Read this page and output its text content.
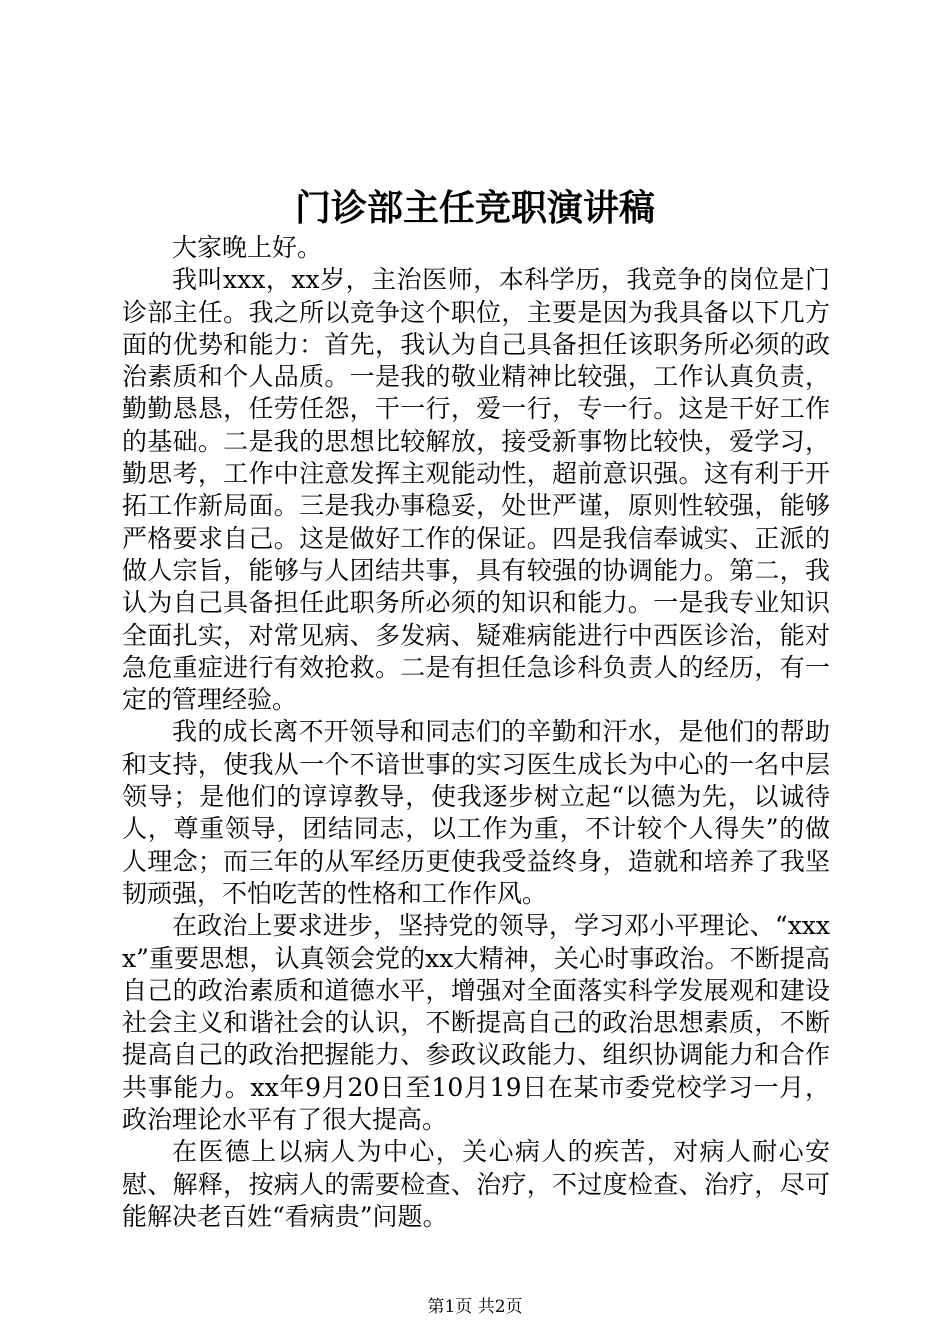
门诊部主任竞职演讲稿

大家晚上好。

我叫xxx，xx岁，主治医师，本科学历，我竞争的岗位是门诊部主任。我之所以竞争这个职位，主要是因为我具备以下几方面的优势和能力：首先，我认为自己具备担任该职务所必须的政治素质和个人品质。一是我的敬业精神比较强，工作认真负责，勤勤恳恳，任劳任怨，干一行，爱一行，专一行。这是干好工作的基础。二是我的思想比较解放，接受新事物比较快，爱学习，勤思考，工作中注意发挥主观能动性，超前意识强。这有利于开拓工作新局面。三是我办事稳妥，处世严谨，原则性较强，能够严格要求自己。这是做好工作的保证。四是我信奉诚实、正派的做人宗旨，能够与人团结共事，具有较强的协调能力。第二，我认为自己具备担任此职务所必须的知识和能力。一是我专业知识全面扎实，对常见病、多发病、疑难病能进行中西医诊治，能对急危重症进行有效抢救。二是有担任急诊科负责人的经历，有一定的管理经验。

我的成长离不开领导和同志们的辛勤和汗水，是他们的帮助和支持，使我从一个不谙世事的实习医生成长为中心的一名中层领导；是他们的谆谆教导，使我逐步树立起“以德为先，以诚待人，尊重领导，团结同志，以工作为重，不计较个人得失”的做人理念；而三年的从军经历更使我受益终身，造就和培养了我坚韧顽强，不怕吃苦的性格和工作作风。

在政治上要求进步，坚持党的领导，学习邓小平理论、“xxxx”重要思想，认真领会党的xx大精神，关心时事政治。不断提高自己的政治素质和道德水平，增强对全面落实科学发展观和建设社会主义和谐社会的认识，不断提高自己的政治思想素质，不断提高自己的政治把握能力、参政议政能力、组织协调能力和合作共事能力。xx年9月20日至10月19日在某市委党校学习一月，政治理论水平有了很大提高。

在医德上以病人为中心，关心病人的疾苦，对病人耐心安慰、解释，按病人的需要检查、治疗，不过度检查、治疗，尽可能解决老百姓“看病贵”问题。

第1页 共2页
